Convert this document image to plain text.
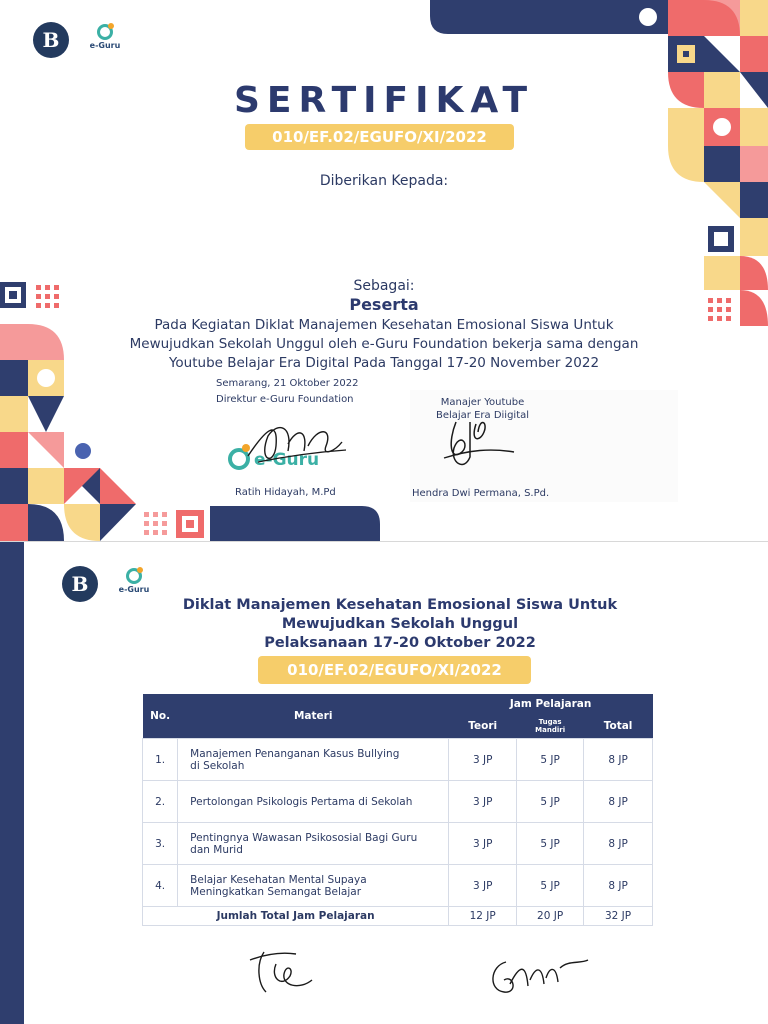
B	e-Guru
SERTIFIKAT
010/EF.02/EGUFO/XI/2022
Diberikan Kepada:
Sebagai:
Peserta
Pada Kegiatan Diklat Manajemen Kesehatan Emosional Siswa Untuk
Mewujudkan Sekolah Unggul oleh e-Guru Foundation bekerja sama dengan
Youtube Belajar Era Digital Pada Tanggal 17-20 November 2022
Semarang, 21 Oktober 2022
Direktur e-Guru Foundation
e-Guru
Ratih Hidayah, M.Pd
Manajer Youtube
Belajar Era Diigital
Hendra Dwi Permana, S.Pd.
B	e-Guru
Diklat Manajemen Kesehatan Emosional Siswa Untuk
Mewujudkan Sekolah Unggul
Pelaksanaan 17-20 Oktober 2022
010/EF.02/EGUFO/XI/2022
No.	Materi	Jam Pelajaran		
		Teori	Tugas
Mandiri	Total
1.	Manajemen Penanganan Kasus Bullying
di Sekolah	3 JP	5 JP	8 JP
2.	Pertolongan Psikologis Pertama di Sekolah	3 JP	5 JP	8 JP
3.	Pentingnya Wawasan Psikososial Bagi Guru
dan Murid	3 JP	5 JP	8 JP
4.	Belajar Kesehatan Mental Supaya
Meningkatkan Semangat Belajar	3 JP	5 JP	8 JP
Jumlah Total Jam Pelajaran		12 JP	20 JP	32 JP
